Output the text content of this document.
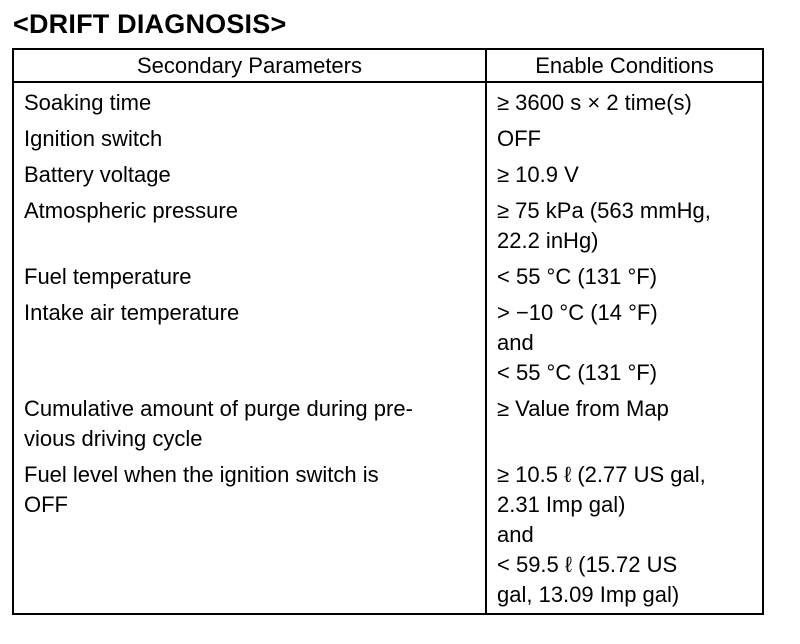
<DRIFT DIAGNOSIS>
Secondary Parameters	Enable Conditions

Soaking time	≥ 3600 s × 2 time(s)

Ignition switch	OFF

Battery voltage	≥ 10.9 V

Atmospheric pressure	≥ 75 kPa (563 mmHg,
22.2 inHg)

Fuel temperature	< 55 °C (131 °F)

Intake air temperature	> −10 °C (14 °F)
and
< 55 °C (131 °F)

Cumulative amount of purge during pre-
vious driving cycle	≥ Value from Map

Fuel level when the ignition switch is
OFF	≥ 10.5 ℓ (2.77 US gal,
2.31 Imp gal)
and
< 59.5 ℓ (15.72 US
gal, 13.09 Imp gal)
